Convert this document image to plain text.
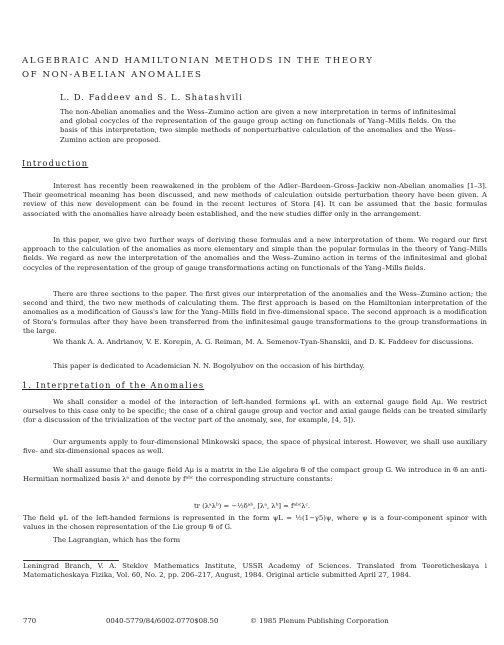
ALGEBRAIC AND HAMILTONIAN METHODS IN THE THEORY
OF NON-ABELIAN ANOMALIES
L. D. Faddeev and S. L. Shatashvili
The non-Abelian anomalies and the Wess–Zumino action are given a new interpretation in terms of infinitesimal and global cocycles of the representation of the gauge group acting on functionals of Yang–Mills fields. On the basis of this interpretation, two simple methods of nonperturbative calculation of the anomalies and the Wess–Zumino action are proposed.
Introduction
Interest has recently been reawakened in the problem of the Adler–Bardeen–Gross–Jackiw non-Abelian anomalies [1–3]. Their geometrical meaning has been discussed, and new methods of calculation outside perturbation theory have been given. A review of this new development can be found in the recent lectures of Stora [4]. It can be assumed that the basic formulas associated with the anomalies have already been established, and the new studies differ only in the arrangement.
In this paper, we give two further ways of deriving these formulas and a new interpretation of them. We regard our first approach to the calculation of the anomalies as more elementary and simple than the popular formulas in the theory of Yang–Mills fields. We regard as new the interpretation of the anomalies and the Wess–Zumino action in terms of the infinitesimal and global cocycles of the representation of the group of gauge transformations acting on functionals of the Yang–Mills fields.
There are three sections to the paper. The first gives our interpretation of the anomalies and the Wess–Zumino action; the second and third, the two new methods of calculating them. The first approach is based on the Hamiltonian interpretation of the anomalies as a modification of Gauss's law for the Yang–Mills field in five-dimensional space. The second approach is a modification of Stora's formulas after they have been transferred from the infinitesimal gauge transformations to the group transformations in the large.
We thank A. A. Andrianov, V. E. Korepin, A. G. Reiman, M. A. Semenov-Tyan-Shanskii, and D. K. Faddeev for discussions.
This paper is dedicated to Academician N. N. Bogolyubov on the occasion of his birthday.
1. Interpretation of the Anomalies
We shall consider a model of the interaction of left-handed fermions ψL with an external gauge field Aμ. We restrict ourselves to this case only to be specific; the case of a chiral gauge group and vector and axial gauge fields can be treated similarly (for a discussion of the trivialization of the vector part of the anomaly, see, for example, [4, 5]).
Our arguments apply to four-dimensional Minkowski space, the space of physical interest. However, we shall use auxiliary five- and six-dimensional spaces as well.
We shall assume that the gauge field Aμ is a matrix in the Lie algebra 𝔊 of the compact group G. We introduce in 𝔊 an anti-Hermitian normalized basis λᵃ and denote by fᵃᵇᶜ the corresponding structure constants:
tr (λᵃλᵇ) = −½δᵃᵇ, [λᵃ, λᵇ] = fᵃᵇᶜλᶜ.
The field ψL of the left-handed fermions is represented in the form ψL = ½(1−γ5)ψ, where ψ is a four-component spinor with values in the chosen representation of the Lie group 𝔊 of G.
The Lagrangian, which has the form
Leningrad Branch, V. A. Steklov Mathematics Institute, USSR Academy of Sciences. Translated from Teoreticheskaya i Matematicheskaya Fizika, Vol. 60, No. 2, pp. 206–217, August, 1984. Original article submitted April 27, 1984.
770	0040-5779/84/6002-0770$08.50	© 1985 Plenum Publishing Corporation
